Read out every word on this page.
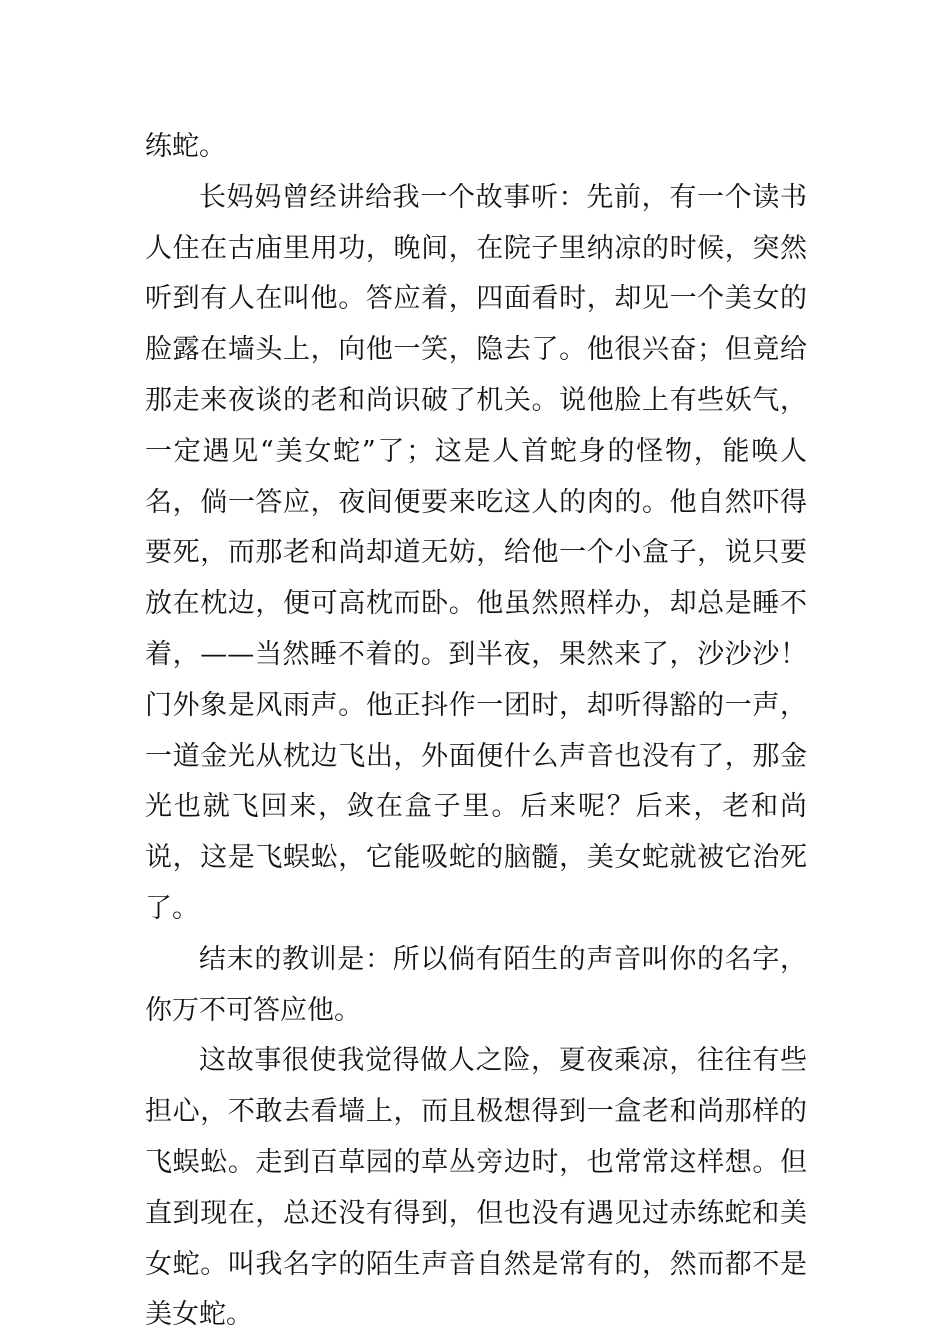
练蛇。

长妈妈曾经讲给我一个故事听：先前，有一个读书人住在古庙里用功，晚间，在院子里纳凉的时候，突然听到有人在叫他。答应着，四面看时，却见一个美女的脸露在墙头上，向他一笑，隐去了。他很兴奋；但竟给那走来夜谈的老和尚识破了机关。说他脸上有些妖气，一定遇见“美女蛇”了；这是人首蛇身的怪物，能唤人名，倘一答应，夜间便要来吃这人的肉的。他自然吓得要死，而那老和尚却道无妨，给他一个小盒子，说只要放在枕边，便可高枕而卧。他虽然照样办，却总是睡不着，——当然睡不着的。到半夜，果然来了，沙沙沙！门外象是风雨声。他正抖作一团时，却听得豁的一声，一道金光从枕边飞出，外面便什么声音也没有了，那金光也就飞回来，敛在盒子里。后来呢？后来，老和尚说，这是飞蜈蚣，它能吸蛇的脑髓，美女蛇就被它治死了。

结末的教训是：所以倘有陌生的声音叫你的名字，你万不可答应他。

这故事很使我觉得做人之险，夏夜乘凉，往往有些担心，不敢去看墙上，而且极想得到一盒老和尚那样的飞蜈蚣。走到百草园的草丛旁边时，也常常这样想。但直到现在，总还没有得到，但也没有遇见过赤练蛇和美女蛇。叫我名字的陌生声音自然是常有的，然而都不是美女蛇。
